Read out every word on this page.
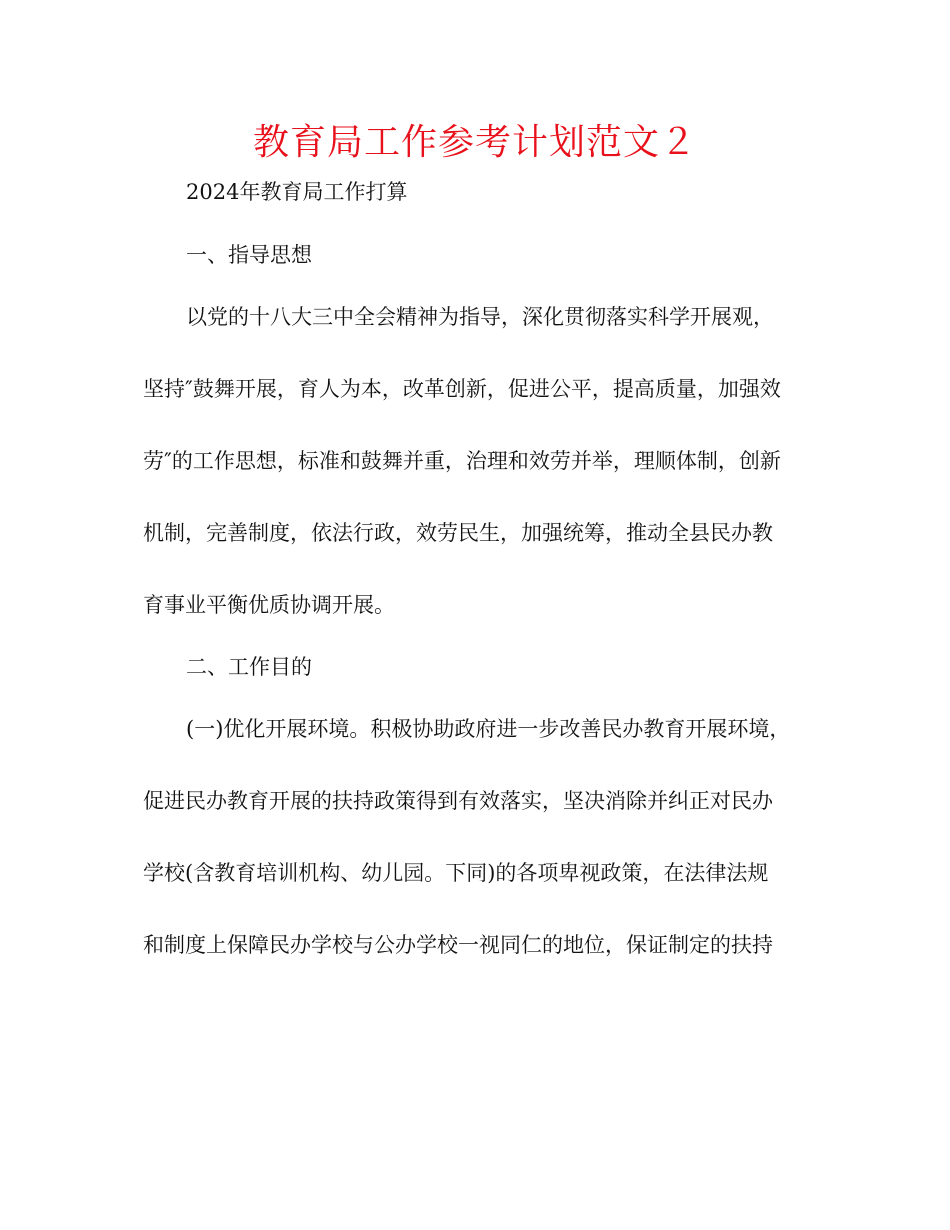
教育局工作参考计划范文２

2024年教育局工作打算

一、指导思想

以党的十八大三中全会精神为指导，深化贯彻落实科学开展观，

坚持″鼓舞开展，育人为本，改革创新，促进公平，提高质量，加强效

劳″的工作思想，标准和鼓舞并重，治理和效劳并举，理顺体制，创新

机制，完善制度，依法行政，效劳民生，加强统筹，推动全县民办教

育事业平衡优质协调开展。

二、工作目的

(一)优化开展环境。积极协助政府进一步改善民办教育开展环境，

促进民办教育开展的扶持政策得到有效落实，坚决消除并纠正对民办

学校(含教育培训机构、幼儿园。下同)的各项卑视政策，在法律法规

和制度上保障民办学校与公办学校一视同仁的地位，保证制定的扶持
